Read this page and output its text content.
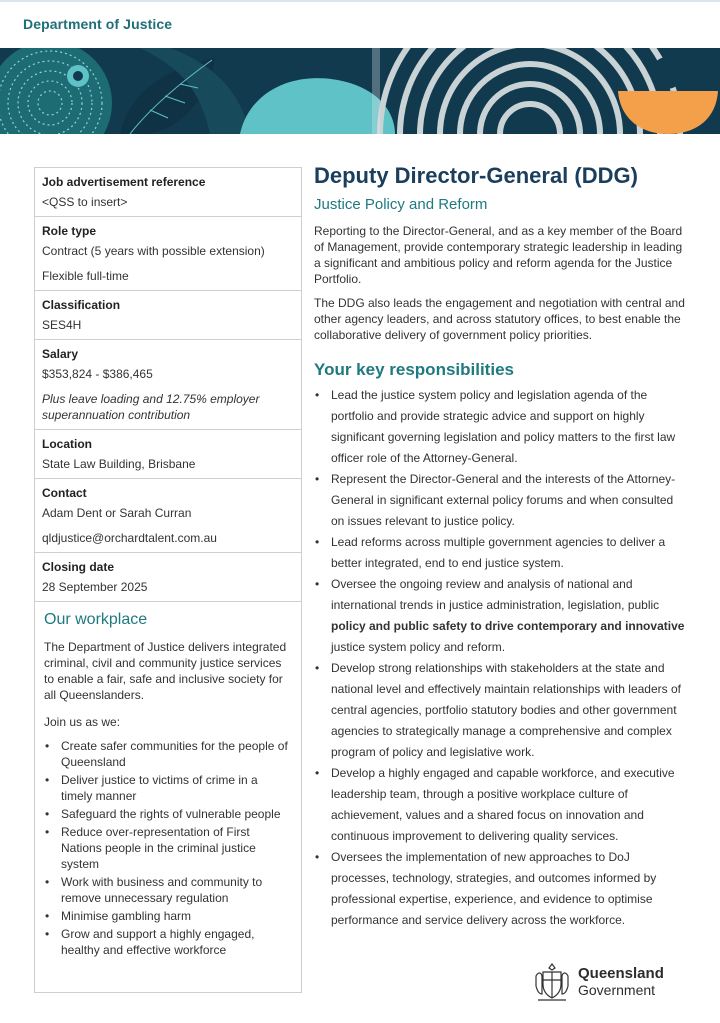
Department of Justice
Job advertisement reference
<QSS to insert>
Role type
Contract (5 years with possible extension)
Flexible full-time
Classification
SES4H
Salary
$353,824 - $386,465
Plus leave loading and 12.75% employer superannuation contribution
Location
State Law Building, Brisbane
Contact
Adam Dent or Sarah Curran
qldjustice@orchardtalent.com.au
Closing date
28 September 2025
Our workplace
The Department of Justice delivers integrated criminal, civil and community justice services to enable a fair, safe and inclusive society for all Queenslanders.
Join us as we:
• Create safer communities for the people of Queensland
• Deliver justice to victims of crime in a timely manner
• Safeguard the rights of vulnerable people
• Reduce over-representation of First Nations people in the criminal justice system
• Work with business and community to remove unnecessary regulation
• Minimise gambling harm
• Grow and support a highly engaged, healthy and effective workforce
Deputy Director-General (DDG)
Justice Policy and Reform

Reporting to the Director-General, and as a key member of the Board of Management, provide contemporary strategic leadership in leading a significant and ambitious policy and reform agenda for the Justice Portfolio.

The DDG also leads the engagement and negotiation with central and other agency leaders, and across statutory offices, to best enable the collaborative delivery of government policy priorities.

Your key responsibilities
• Lead the justice system policy and legislation agenda of the portfolio and provide strategic advice and support on highly significant governing legislation and policy matters to the first law officer role of the Attorney-General.
• Represent the Director-General and the interests of the Attorney-General in significant external policy forums and when consulted on issues relevant to justice policy.
• Lead reforms across multiple government agencies to deliver a better integrated, end to end justice system.
• Oversee the ongoing review and analysis of national and international trends in justice administration, legislation, public policy and public safety to drive contemporary and innovative justice system policy and reform.
• Develop strong relationships with stakeholders at the state and national level and effectively maintain relationships with leaders of central agencies, portfolio statutory bodies and other government agencies to strategically manage a comprehensive and complex program of policy and legislative work.
• Develop a highly engaged and capable workforce, and executive leadership team, through a positive workplace culture of achievement, values and a shared focus on innovation and continuous improvement to delivering quality services.
• Oversees the implementation of new approaches to DoJ processes, technology, strategies, and outcomes informed by professional expertise, experience, and evidence to optimise performance and service delivery across the workforce.
Queensland
Government
